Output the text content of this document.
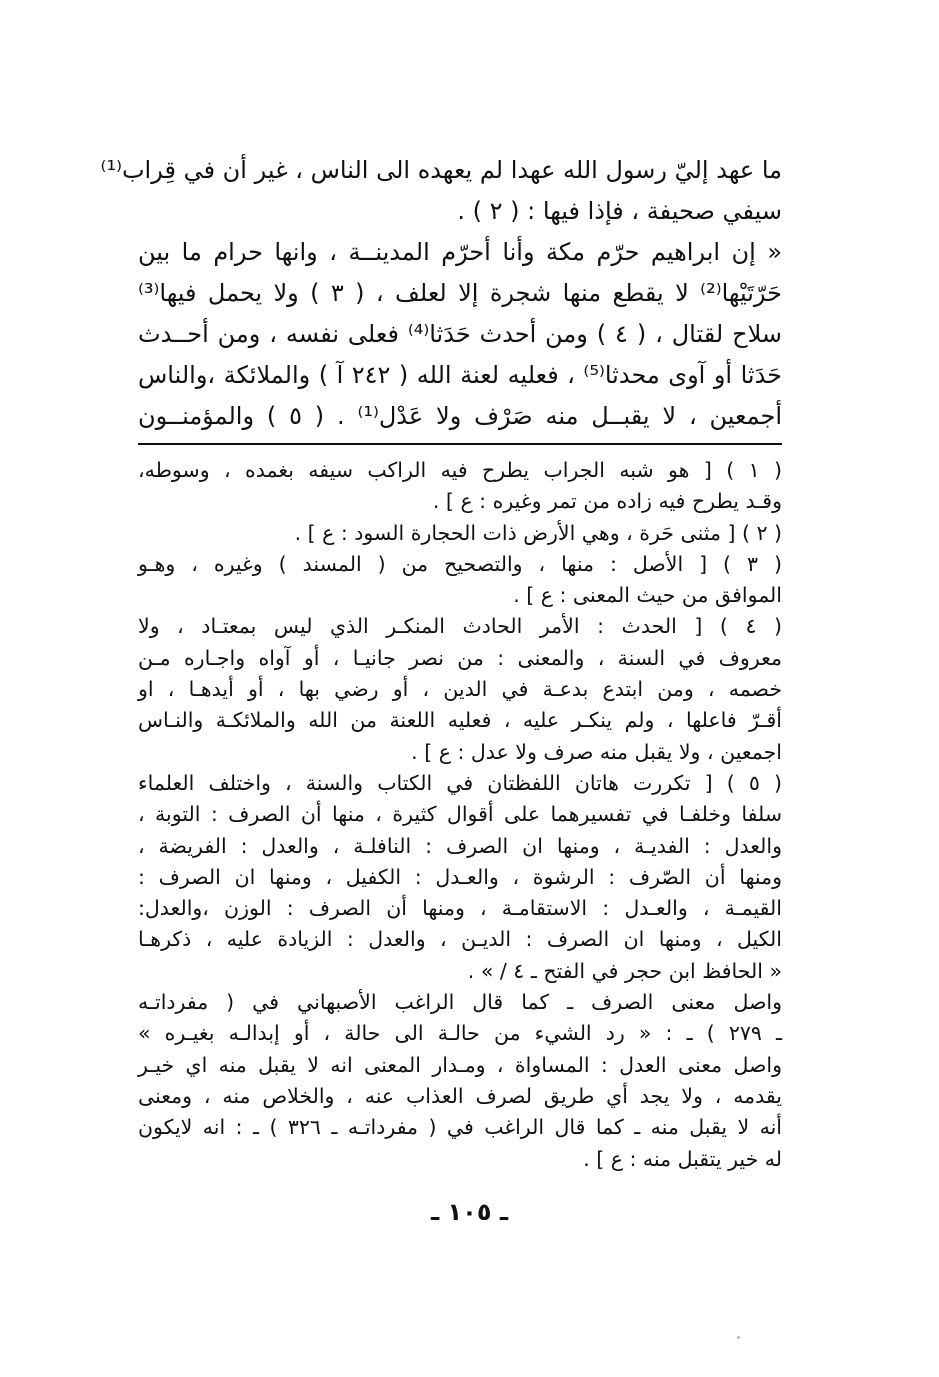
ما عهد إليّ رسول الله عهدا لم يعهده الى الناس ، غير أن في قِراب⁽¹⁾
سيفي صحيفة ، فإذا فيها : ( ٢ ) .
« إن ابراهيم حرّم مكة وأنا أحرّم المدينــة ، وانها حرام ما بين
حَرّتَيْها⁽²⁾ لا يقطع منها شجرة إلا لعلف ، ( ٣ ) ولا يحمل فيها⁽³⁾
سلاح لقتال ، ( ٤ ) ومن أحدث حَدَثا⁽⁴⁾ فعلى نفسه ، ومن أحــدث
حَدَثا أو آوى محدثا⁽⁵⁾ ، فعليه لعنة الله ( ٢٤٢ آ ) والملائكة ،والناس
أجمعين ، لا يقبــل منه صَرْف ولا عَدْل⁽¹⁾ . ( ٥ ) والمؤمنــون
( ١ ) [ هو شبه الجراب يطرح فيه الراكب سيفه بغمده ، وسوطه،
وقـد يطرح فيه زاده من تمر وغيره : ع ] .
( ٢ ) [ مثنى حَرة ، وهي الأرض ذات الحجارة السود : ع ] .
( ٣ ) [ الأصل : منها ، والتصحيح من ( المسند ) وغيره ، وهـو
الموافق من حيث المعنى : ع ] .
( ٤ ) [ الحدث : الأمر الحادث المنكـر الذي ليس بمعتـاد ، ولا
معروف في السنة ، والمعنى : من نصر جانيـا ، أو آواه واجـاره مـن
خصمه ، ومن ابتدع بدعـة في الدين ، أو رضي بها ، أو أيدهـا ، او
أقـرّ فاعلها ، ولم ينكـر عليه ، فعليه اللعنة من الله والملائكـة والنـاس
اجمعين ، ولا يقبل منه صرف ولا عدل : ع ] .
( ٥ ) [ تكررت هاتان اللفظتان في الكتاب والسنة ، واختلف العلماء
سلفا وخلفـا في تفسيرهما على أقوال كثيرة ، منها أن الصرف : التوبة ،
والعدل : الفديـة ، ومنها ان الصرف : النافلـة ، والعدل : الفريضة ،
ومنها أن الصّرف : الرشوة ، والعـدل : الكفيل ، ومنها ان الصرف :
القيمـة ، والعـدل : الاستقامـة ، ومنها أن الصرف : الوزن ،والعدل:
الكيل ، ومنها ان الصرف : الديـن ، والعدل : الزيادة عليه ، ذكرهـا
« الحافظ ابن حجر في الفتح ـ ٤ / » .
واصل معنى الصرف ـ كما قال الراغب الأصبهاني في ( مفرداتـه
ـ ٢٧٩ ) ـ : « رد الشيء من حالـة الى حالة ، أو إبدالـه بغيـره »
واصل معنى العدل : المساواة ، ومـدار المعنى انه لا يقبل منه اي خيـر
يقدمه ، ولا يجد أي طريق لصرف العذاب عنه ، والخلاص منه ، ومعنى
أنه لا يقبل منه ـ كما قال الراغب في ( مفرداتـه ـ ٣٢٦ ) ـ : انه لايكون
له خير يتقبل منه : ع ] .
ـ ١٠٥ ـ
